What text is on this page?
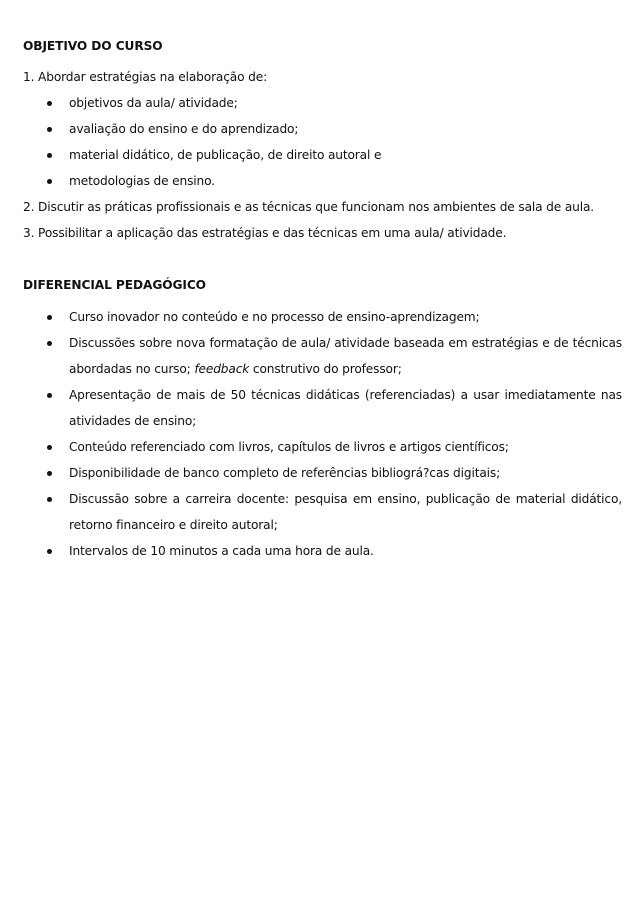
OBJETIVO DO CURSO
1. Abordar estratégias na elaboração de:
objetivos da aula/ atividade;
avaliação do ensino e do aprendizado;
material didático, de publicação, de direito autoral e
metodologias de ensino.
2. Discutir as práticas profissionais e as técnicas que funcionam nos ambientes de sala de aula.
3. Possibilitar a aplicação das estratégias e das técnicas em uma aula/ atividade.
DIFERENCIAL PEDAGÓGICO
Curso inovador no conteúdo e no processo de ensino-aprendizagem;
Discussões sobre nova formatação de aula/ atividade baseada em estratégias e de técnicas abordadas no curso; feedback construtivo do professor;
Apresentação de mais de 50 técnicas didáticas (referenciadas) a usar imediatamente nas atividades de ensino;
Conteúdo referenciado com livros, capítulos de livros e artigos científicos;
Disponibilidade de banco completo de referências bibliográ?cas digitais;
Discussão sobre a carreira docente: pesquisa em ensino, publicação de material didático, retorno financeiro e direito autoral;
Intervalos de 10 minutos a cada uma hora de aula.
